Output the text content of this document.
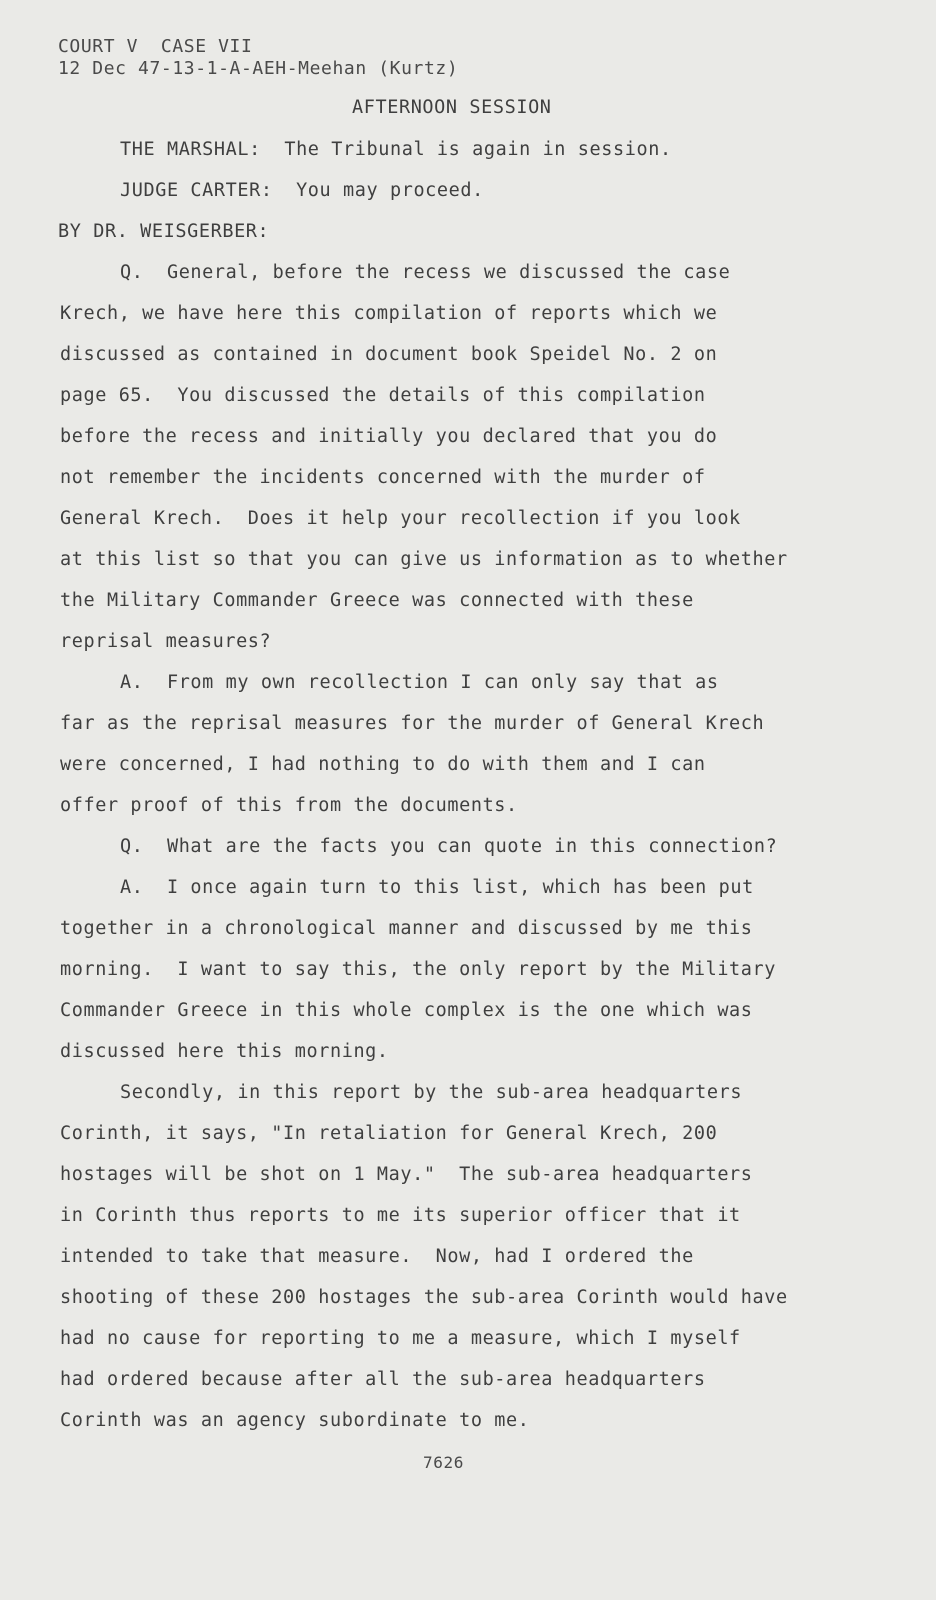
COURT V  CASE VII

12 Dec 47-13-1-A-AEH-Meehan (Kurtz)

AFTERNOON SESSION

THE MARSHAL:  The Tribunal is again in session.

JUDGE CARTER:  You may proceed.

BY DR. WEISGERBER:

Q.  General, before the recess we discussed the case

Krech, we have here this compilation of reports which we

discussed as contained in document book Speidel No. 2 on

page 65.  You discussed the details of this compilation

before the recess and initially you declared that you do

not remember the incidents concerned with the murder of

General Krech.  Does it help your recollection if you look

at this list so that you can give us information as to whether

the Military Commander Greece was connected with these

reprisal measures?

A.  From my own recollection I can only say that as

far as the reprisal measures for the murder of General Krech

were concerned, I had nothing to do with them and I can

offer proof of this from the documents.

Q.  What are the facts you can quote in this connection?

A.  I once again turn to this list, which has been put

together in a chronological manner and discussed by me this

morning.  I want to say this, the only report by the Military

Commander Greece in this whole complex is the one which was

discussed here this morning.

Secondly, in this report by the sub-area headquarters

Corinth, it says, "In retaliation for General Krech, 200

hostages will be shot on 1 May."  The sub-area headquarters

in Corinth thus reports to me its superior officer that it

intended to take that measure.  Now, had I ordered the

shooting of these 200 hostages the sub-area Corinth would have

had no cause for reporting to me a measure, which I myself

had ordered because after all the sub-area headquarters

Corinth was an agency subordinate to me.

7626
